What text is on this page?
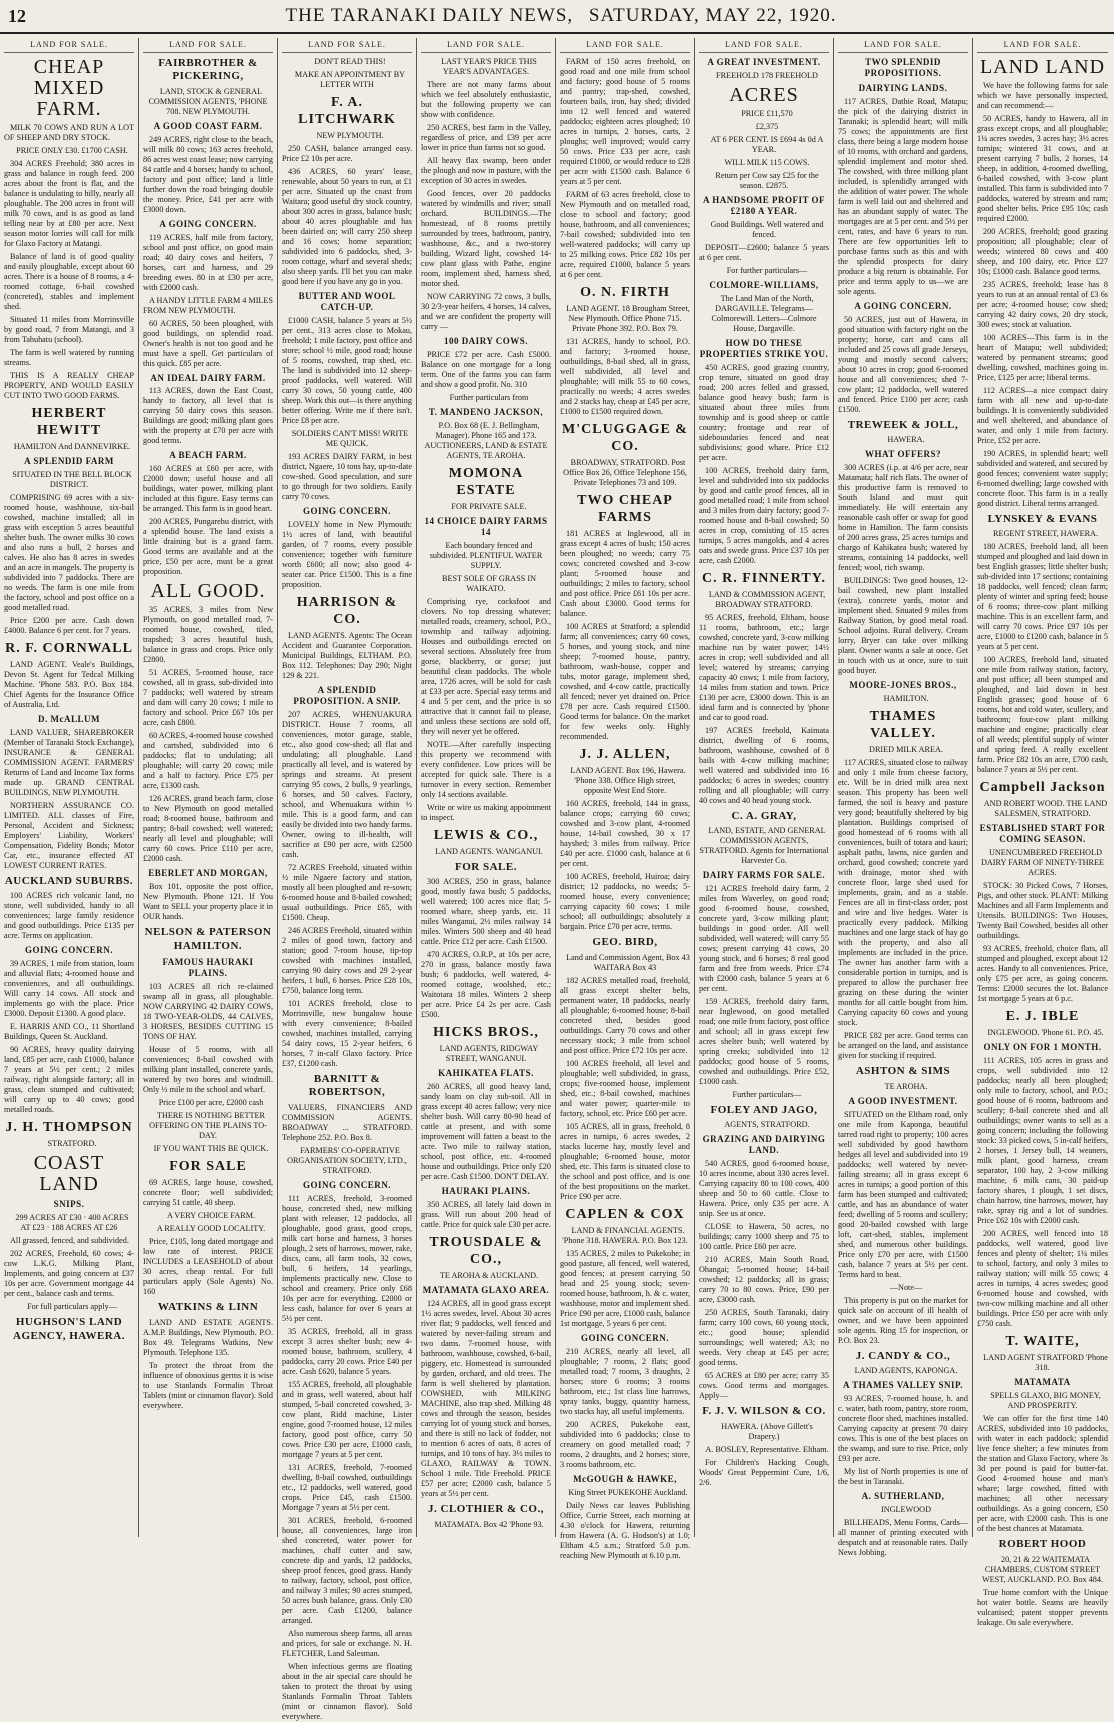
12	THE TARANAKI DAILY NEWS, SATURDAY, MAY 22, 1920.
LAND FOR SALE.
CHEAP MIXED FARM.
MILK 70 COWS AND RUN A LOT OF SHEEP AND DRY STOCK.
PRICE ONLY £30. £1700 CASH.
304 ACRES Freehold; 380 acres in grass and balance in rough feed. 200 acres about the front is flat, and the balance is undulating to hilly, nearly all ploughable. The 200 acres in front will milk 70 cows, and is as good as land telling near by at £80 per acre. Next season motor lorries will call for milk for Glaxo Factory at Matangi.
Balance of land is of good quality and easily ploughable, except about 60 acres. There is a house of 8 rooms, a 4-roomed cottage, 6-bail cowshed (concreted), stables and implement shed.
Situated 11 miles from Morrinsville by good road, 7 from Matangi, and 3 from Tahuhatu (school).
The farm is well watered by running streams.
THIS IS A REALLY CHEAP PROPERTY, AND WOULD EASILY CUT INTO TWO GOOD FARMS.
HERBERT HEWITT
HAMILTON And DANNEVIRKE.
A SPLENDID FARM
SITUATED IN THE BELL BLOCK DISTRICT.
COMPRISING 69 acres with a six-roomed house, washhouse, six-bail cowshed, machine installed; all in grass with exception 5 acres beautiful shelter bush. The owner milks 30 cows and also runs a bull, 2 horses and calves. He also has 8 acres in swedes and an acre in mangels. The property is subdivided into 7 paddocks. There are no weeds. The farm is one mile from the factory, school and post office on a good metalled road.
Price £200 per acre. Cash down £4000. Balance 6 per cent. for 7 years.
R. F. CORNWALL
LAND AGENT. Veale's Buildings, Devon St. Agent for Tedcal Milking Machine. 'Phone 583. P.O. Box 184. Chief Agents for the Insurance Office of Australia, Ltd.
D. McALLUM
LAND VALUER, SHAREBROKER (Member of Taranaki Stock Exchange), INSURANCE & GENERAL COMMISSION AGENT. FARMERS' Returns of Land and Income Tax forms made up. GRAND CENTRAL BUILDINGS, NEW PLYMOUTH.
NORTHERN ASSURANCE CO. LIMITED. ALL classes of Fire, Personal, Accident and Sickness; Employers' Liability, Workers' Compensation, Fidelity Bonds; Motor Car, etc., insurance effected AT LOWEST CURRENT RATES.
AUCKLAND SUBURBS.
100 ACRES rich volcanic land, no stone, well subdivided, handy to all conveniences; large family residence and good outbuildings. Price £135 per acre. Terms on application.
GOING CONCERN.
39 ACRES, 1 mile from station, loam and alluvial flats; 4-roomed house and conveniences, and all outbuildings. Will carry 14 cows. All stock and implements go with the place. Price £3000. Deposit £1300. A good place.
E. HARRIS AND CO., 11 Shortland Buildings, Queen St. Auckland.
90 ACRES, heavy quality dairying land, £85 per acre, cash £1000, balance 7 years at 5½ per cent.; 2 miles railway, right alongside factory; all in grass, clean stumped and cultivated; will carry up to 40 cows; good metalled roads.
J. H. THOMPSON
STRATFORD.
COAST LAND
SNIPS.
299 ACRES AT £30 · 400 ACRES AT £23 · 188 ACRES AT £26
All grassed, fenced, and subdivided.
202 ACRES, Freehold, 60 cows; 4-cow L.K.G. Milking Plant, Implements, and going concern at £37 10s per acre. Government mortgage 44 per cent., balance cash and terms.
For full particulars apply—
HUGHSON'S LAND AGENCY, HAWERA.
LAND FOR SALE.
FAIRBROTHER & PICKERING,
LAND, STOCK & GENERAL COMMISSION AGENTS, 'PHONE 708. NEW PLYMOUTH.
A GOOD COAST FARM.
249 ACRES, right close to the beach, will milk 80 cows; 163 acres freehold, 86 acres west coast lease; now carrying 84 cattle and 4 horses; handy to school, factory and post office; land a little further down the road bringing double the money. Price, £41 per acre with £3000 down.
A GOING CONCERN.
119 ACRES, half mile from factory, school and post office, on good main road; 40 dairy cows and heifers, 7 horses, cart and harness, and 29 breeding ewes. 80 in at £30 per acre, with £2000 cash.
A HANDY LITTLE FARM 4 MILES FROM NEW PLYMOUTH.
60 ACRES, 50 been ploughed, with good buildings, on splendid road. Owner's health is not too good and he must have a spell. Get particulars of this quick. £85 per acre.
AN IDEAL DAIRY FARM.
113 ACRES, down the East Coast, handy to factory, all level that is carrying 50 dairy cows this season. Buildings are good; milking plant goes with the property at £70 per acre with good terms.
A BEACH FARM.
160 ACRES at £60 per acre, with £2000 down; useful house and all buildings, water power, milking plant included at this figure. Easy terms can be arranged. This farm is in good heart.
200 ACRES, Pungarehu district, with a splendid house. The land exists a little draining but is a grand farm. Good terms are available and at the price, £50 per acre, must be a great proposition.
ALL GOOD.
35 ACRES, 3 miles from New Plymouth, on good metalled road, 7-roomed house, cowshed, tiled, trapshed; 3 acres beautiful bush, balance in grass and crops. Price only £2800.
51 ACRES, 5-roomed house, race cowshed, all in grass, sub-divided into 7 paddocks; well watered by stream and dam will carry 20 cows; 1 mile to factory and school. Price £67 10s per acre, cash £800.
60 ACRES, 4-roomed house cowshed and cartshed, subdivided into 6 paddocks; flat to undulating; all ploughable; will carry 20 cows; mile and a half to factory. Price £75 per acre, £1300 cash.
126 ACRES, grand beach farm, close to New Plymouth on good metalled road; 8-roomed house, bathroom and pantry; 8-bail cowshed; well watered; nearly all level and ploughable; will carry 60 cows. Price £110 per acre, £2000 cash.
EBERLET AND MORGAN,
Box 101, opposite the post office, New Plymouth. Phone 121. If You Want to SELL your property place it in OUR hands.
NELSON & PATERSON HAMILTON.
FAMOUS HAURAKI PLAINS.
103 ACRES all rich re-claimed swamp all in grass, all ploughable. NOW CARRYING 42 DAIRY COWS, 18 TWO-YEAR-OLDS, 44 CALVES, 3 HORSES, BESIDES CUTTING 15 TONS OF HAY.
House of 5 rooms, with all conveniences; 8-bail cowshed with milking plant installed, concrete yards, watered by two bores and windmill. Only ½ mile to the school and wharf.
Price £100 per acre, £2000 cash
THERE IS NOTHING BETTER OFFERING ON THE PLAINS TO-DAY.
IF YOU WANT THIS BE QUICK.
FOR SALE
69 ACRES, large house, cowshed, concrete floor; well subdivided; carrying 51 cattle, 40 sheep.
A VERY CHOICE FARM.
A REALLY GOOD LOCALITY.
Price, £105, long dated mortgage and low rate of interest. PRICE INCLUDES a LEASEHOLD of about 30 acres, cheap rental. For full particulars apply (Sole Agents) No. 160
WATKINS & LINN
LAND AND ESTATE AGENTS. A.M.P. Buildings, New Plymouth. P.O. Box 49. Telegrams Watkins, New Plymouth. Telephone 135.
To protect the throat from the influence of obnoxious germs it is wise to use Stanlands Formalin Throat Tablets (mint or cinnamon flavor). Sold everywhere.
LAND FOR SALE.
DON'T READ THIS!
MAKE AN APPOINTMENT BY LETTER WITH
F. A. LITCHWARK
NEW PLYMOUTH.
250 CASH, balance arranged easy. Price £2 10s per acre.
436 ACRES, 60 years' lease, renewable, about 50 years to run, at £1 per acre. Situated up the coast from Waitara; good useful dry stock country, about 300 acres in grass, balance bush; about 40 acres ploughable and has been dairied on; will carry 250 sheep and 16 cows; home separation; subdivided into 6 paddocks, shed, 3-room cottage, wharf and several sheds; also sheep yards. I'll bet you can make good here if you have any go in you.
BUTTER AND WOOL CATCH-UP.
£1000 CASH, balance 5 years at 5½ per cent., 313 acres close to Mokau, freehold; 1 mile factory, post office and store; school ½ mile, good road; house of 5 rooms, cowshed, trap shed, etc. The land is subdivided into 12 sheep-proof paddocks, well watered. Will carry 30 cows, 50 young cattle, 400 sheep. Work this out—is there anything better offering. Write me if there isn't. Price £8 per acre.
SOLDIERS CAN'T MISS! WRITE ME QUICK.
193 ACRES DAIRY FARM, in best district, Ngaere, 10 tons hay, up-to-date cow-shed. Good speculation, and sure to go through for two soldiers. Easily carry 70 cows.
GOING CONCERN.
LOVELY home in New Plymouth: 1½ acres of land, with beautiful garden, of 7 rooms, every possible convenience; together with furniture worth £600; all now; also good 4-seater car. Price £1500. This is a fine proposition.
HARRISON & CO.
LAND AGENTS. Agents: The Ocean Accident and Guarantee Corporation. Municipal Buildings, ELTHAM. P.O. Box 112. Telephones: Day 290; Night 129 & 221.
A SPLENDID PROPOSITION. A SNIP.
207 ACRES, WHENUAKURA DISTRICT. House 7 rooms, all conveniences, motor garage, stable, etc., also good cow-shed; all flat and undulating; all ploughable. Land practically all level, and is watered by springs and streams. At present carrying 95 cows, 2 bulls, 9 yearlings, 6 horses, and 50 calves. Factory, school, and Whenuakura within ½ mile. This is a good farm, and can easily be divided into two handy farms. Owner, owing to ill-health, will sacrifice at £90 per acre, with £2500 cash.
72 ACRES Freehold, situated within ½ mile Ngaere factory and station, mostly all been ploughed and re-sown; 6-roomed house and 8-bailed cowshed; usual outbuildings. Price £65, with £1500. Cheap.
246 ACRES Freehold, situated within 2 miles of good town, factory and station; good 7-room house, tip-top cowshed with machines installed, carrying 90 dairy cows and 29 2-year heifers, 1 bull, 6 horses. Price £28 10s, £750, balance long term.
101 ACRES freehold, close to Morrinsville, new bungalow house with every convenience; 8-bailed cowshed, machines installed, carrying 54 dairy cows, 15 2-year heifers, 6 horses, 7 in-calf Glaxo factory. Price £37, £1200 cash.
BARNITT & ROBERTSON,
VALUERS, FINANCIERS AND COMMISSION AGENTS. BROADWAY ... STRATFORD. Telephone 252. P.O. Box 8.
FARMERS' CO-OPERATIVE ORGANISATION SOCIETY, LTD., STRATFORD.
GOING CONCERN.
111 ACRES, freehold, 3-roomed house, concreted shed, new milking plant with releaser, 12 paddocks, all ploughable, good grass, good crops, milk cart horse and harness, 3 horses plough, 2 sets of harrows, mower, rake, discs, cans, all farm tools, 32 cows, bull, 6 heifers, 14 yearlings, implements practically new. Close to school and creamery. Price only £68 10s per acre for everything. £2000 or less cash, balance for over 6 years at 5½ per cent.
35 ACRES, freehold, all in grass except 3 acres shelter bush; new 4-roomed house, bathroom, scullery, 4 paddocks, carry 20 cows. Price £40 per acre. Cash £620, balance 5 years.
155 ACRES, freehold, all ploughable and in grass, well watered, about half stumped, 5-bail concreted cowshed, 3-cow plant, Ridd machine, Lister engine, good 7-roomed house, 12 miles factory, good post office, carry 50 cows. Price £30 per acre, £1000 cash, mortgage 7 years at 5 per cent.
131 ACRES, freehold, 7-roomed dwelling, 8-bail cowshed, outbuildings etc., 12 paddocks, well watered, good crops. Price £45, cash £1500. Mortgage 7 years at 5½ per cent.
301 ACRES, freehold, 6-roomed house, all conveniences, large iron shed concreted, water power for machines, chaff cutter and saw, concrete dip and yards, 12 paddocks, sheep proof fences, good grass. Handy to railway, factory, school, post office, and railway 3 miles; 90 acres stumped, 50 acres bush balance, grass. Only £30 per acre. Cash £1200, balance arranged.
Also numerous sheep farms, all areas and prices, for sale or exchange. N. H. FLETCHER, Land Salesman.
When infectious germs are floating about in the air special care should be taken to protect the throat by using Stanlands Formalin Throat Tablets (mint or cinnamon flavor). Sold everywhere.
LAND FOR SALE.
LAST YEAR'S PRICE THIS YEAR'S ADVANTAGES.
There are not many farms about which we feel absolutely enthusiastic, but the following property we can show with confidence.
250 ACRES, best farm in the Valley, regardless of price, and £39 per acre lower in price than farms not so good.
All heavy flax swamp, been under the plough and now in pasture, with the exception of 30 acres in swedes.
Good fences, over 20 paddocks watered by windmills and river; small orchard. BUILDINGS.—The homestead, of 8 rooms prettily surrounded by trees, bathroom, pantry, washhouse, &c., and a two-storey building, Wizard light, cowshed 14-cow plant glass with Pathe, engine room, implement shed, harness shed, motor shed.
NOW CARRYING 72 cows, 3 bulls, 30 2/3-year heifers, 4 horses, 14 calves, and we are confident the property will carry —
100 DAIRY COWS.
PRICE £72 per acre. Cash £5000. Balance on one mortgage for a long term. One of the farms you can farm and show a good profit. No. 310
Further particulars from
T. MANDENO JACKSON,
P.O. Box 68 (E. J. Bellingham, Manager). Phone 165 and 173. AUCTIONEERS, LAND & ESTATE AGENTS, TE AROHA.
MOMONA ESTATE
FOR PRIVATE SALE.
14 CHOICE DAIRY FARMS 14
Each boundary fenced and subdivided. PLENTIFUL WATER SUPPLY.
BEST SOLE OF GRASS IN WAIKATO.
Comprising rye, cocksfoot and clovers. No top dressing whatever; metalled roads, creamery, school, P.O., township and railway adjoining. Houses and outbuildings erected on several sections. Absolutely free from gorse, blackberry, or gorse; just beautiful clean paddocks. The whole area, 1726 acres, will be sold for cash at £33 per acre. Special easy terms and 4 and 5 per cent, and the price is so attractive that it cannot fail to please, and unless these sections are sold off, they will never yet be offered.
NOTE.—After carefully inspecting this property we recommend with every confidence. Low prices will be accepted for quick sale. There is a turnover in every section. Remember only 14 sections available.
Write or wire us making appointment to inspect.
LEWIS & CO.,
LAND AGENTS. WANGANUI.
FOR SALE.
300 ACRES, 250 in grass, balance good, mostly fawa bush; 5 paddocks, well watered; 100 acres nice flat; 5-roomed whare, sheep yards, etc. 11 miles Wanganui, 2½ miles railway 14 miles. Winters 500 sheep and 40 head cattle. Price £12 per acre. Cash £1500.
470 ACRES, O.R.P., at 10s per acre, 270 in grass, balance mostly fawa bush; 6 paddocks, well watered, 4-roomed cottage, woolshed, etc.; Waitotara 18 miles. Winters 2 sheep per acre. Price £4 2s per acre. Cash £500.
HICKS BROS.,
LAND AGENTS, RIDGWAY STREET, WANGANUI.
KAHIKATEA FLATS.
260 ACRES, all good heavy land, sandy loam on clay sub-soil. All in grass except 40 acres fallow; very nice shelter bush. Will carry 80-90 head of cattle at present, and with some improvement will fatten a beast to the acre. Two mile to railway station, school, post office, etc. 4-roomed house and outbuildings. Price only £20 per acre. Cash £1500. DON'T DELAY.
HAURAKI PLAINS.
350 ACRES, all lately laid down in grass. Will run about 200 head of cattle. Price for quick sale £30 per acre.
TROUSDALE & CO.,
TE AROHA & AUCKLAND.
MATAMATA GLAXO AREA.
124 ACRES, all in good grass except 1½ acres swedes, level. About 30 acres river flat; 9 paddocks, well fenced and watered by never-failing stream and two dams. 7-roomed house, with bathroom, washhouse, cowshed, 6-bail, piggery, etc. Homestead is surrounded by garden, orchard, and old trees. The farm is well sheltered by plantation. COWSHED, with MILKING MACHINE, also trap shed. Milking 48 cows and through the season, besides carrying lot of young stock and horses, and there is still no lack of fodder, not to mention 6 acres of oats, 8 acres of turnips, and 10 tons of hay. 3½ miles to GLAXO, RAILWAY & TOWN. School 1 mile. Title Freehold. PRICE £57 per acre; £2000 cash, balance 5 years at 5½ per cent.
J. CLOTHIER & CO.,
MATAMATA. Box 42 'Phone 93.
LAND FOR SALE.
FARM of 150 acres freehold, on good road and one mile from school and factory; good house of 5 rooms and pantry; trap-shed, cowshed, fourteen bails, iron, hay shed; divided into 12 well fenced and watered paddocks; eighteen acres ploughed; 10 acres in turnips, 2 horses, carts, 2 ploughs; well improved; would carry 50 cows. Price £33 per acre, cash required £1000, or would reduce to £28 per acre with £1500 cash. Balance 6 years at 5 per cent.
FARM of 63 acres freehold, close to New Plymouth and on metalled road, close to school and factory; good house, bathroom, and all conveniences; 7-bail cowshed; subdivided into ten well-watered paddocks; will carry up to 25 milking cows. Price £82 10s per acre, required £1000, balance 5 years at 6 per cent.
O. N. FIRTH
LAND AGENT. 18 Brougham Street, New Plymouth. Office Phone 715. Private Phone 392. P.O. Box 79.
131 ACRES, handy to school, P.O. and factory; 3-roomed house, outbuildings, 8-bail shed, all in grass, well subdivided, all level and ploughable; will milk 55 to 60 cows, practically no weeds; 4 acres swedes and 2 stacks hay, cheap at £45 per acre, £1000 to £1500 required down.
M'CLUGGAGE & CO.
BROADWAY, STRATFORD. Post Office Box 26, Office Telephone 156, Private Telephones 73 and 109.
TWO CHEAP FARMS
181 ACRES at Inglewood, all in grass except 4 acres of bush; 150 acres been ploughed; no weeds; carry 75 cows; concreted cowshed and 3-cow plant; 5-roomed house and outbuildings; 2 miles to factory, school and post office. Price £61 10s per acre. Cash about £3000. Good terms for balance.
100 ACRES at Stratford; a splendid farm; all conveniences; carry 60 cows, 5 horses, and young stock, and nine sheep; 7-roomed house, pantry, bathroom, wash-house, copper and tubs, motor garage, implement shed, cowshed, and 4-cow cattle, practically all fenced; never yet drained on. Price £78 per acre. Cash required £1500. Good terms for balance. On the market for few weeks only. Highly recommended.
J. J. ALLEN,
LAND AGENT. Box 196, Hawera. 'Phone 338. Office High street, opposite West End Store.
160 ACRES, freehold, 144 in grass, balance crops; carrying 60 cows; cowshed and 3-cow plant, 4-roomed house, 14-bail cowshed, 30 x 17 hayshed; 3 miles from railway. Price £40 per acre. £1000 cash, balance at 6 per cent.
100 ACRES, freehold, Huiroa; dairy district; 12 paddocks, no weeds; 5-roomed house, every convenience; carrying capacity 60 cows; 1 mile school; all outbuildings; absolutely a bargain. Price £70 per acre, terms.
GEO. BIRD,
Land and Commission Agent, Box 43 WAITARA Box 43
182 ACRES metalled road, freehold, all grass except shelter belts, permanent water, 18 paddocks, nearly all ploughable; 6-roomed house; 8-bail concreted shed, besides good outbuildings. Carry 70 cows and other necessary stock; 3 mile from school and post office. Price £72 10s per acre.
100 ACRES freehold, all level and ploughable; well subdivided, in grass, crops; five-roomed house, implement shed, etc.; 8-bail cowshed, machines and water power; quarter-mile to factory, school, etc. Price £60 per acre.
105 ACRES, all in grass, freehold, 8 acres in turnips, 6 acres swedes, 2 stacks lucerne hay, mostly level and ploughable; 6-roomed house, motor shed, etc. This farm is situated close to the school and post office, and is one of the best propositions on the market. Price £90 per acre.
CAPLEN & COX
LAND & FINANCIAL AGENTS. 'Phone 318. HAWERA. P.O. Box 123.
135 ACRES, 2 miles to Pukekohe; in good pasture, all fenced, well watered, good fences; at present carrying 50 head and 25 young stock; seven-roomed house, bathroom, h. & c. water, washhouse, motor and implement shed. Price £90 per acre, £1000 cash, balance 1st mortgage, 5 years 6 per cent.
GOING CONCERN.
210 ACRES, nearly all level, all ploughable; 7 rooms, 2 flats; good metalled road; 7 rooms, 3 draughts, 2 horses; store 6 rooms; 3 rooms bathroom, etc.; 1st class line harrows, spray tanks, buggy, quantity harness, two stacks hay, all useful implements.
200 ACRES, Pukekohe east, subdivided into 6 paddocks; close to creamery on good metalled road; 7 rooms, 2 draughts, and 2 horses; store, 3 rooms bathroom, etc.
McGOUGH & HAWKE,
King Street PUKEKOHE Auckland.
Daily News car leaves Publishing Office, Currie Street, each morning at 4.30 o'clock for Hawera, returning from Hawera (A. G. Hodson's) at 1.0; Eltham 4.5 a.m.; Stratford 5.0 p.m. reaching New Plymouth at 6.10 p.m.
LAND FOR SALE.
A GREAT INVESTMENT.
FREEHOLD 178 FREEHOLD
ACRES
PRICE £11,570
£2,375
AT 6 PER CENT. IS £694 4s 0d A YEAR.
WILL MILK 115 COWS.
Return per Cow say £25 for the season. £2875.
A HANDSOME PROFIT OF £2180 A YEAR.
Good Buildings. Well watered and fenced.
DEPOSIT—£2600; balance 5 years at 6 per cent.
For further particulars—
COLMORE-WILLIAMS,
The Land Man of the North, DARGAVILLE. Telegrams—Colmorewill. Letters—Colmore House, Dargaville.
HOW DO THESE PROPERTIES STRIKE YOU.
450 ACRES, good grazing country, crop tenure, situated on good dray road; 200 acres felled and grassed, balance good heavy bush; farm is situated about three miles from township and is good sheep or cattle country; frontage and rear of sideboundaries fenced and neat subdivisions; good whare. Price £12 per acre.
100 ACRES, freehold dairy farm, level and subdivided into six paddocks by good and cattle proof fences, all in good metalled road; 1 mile from school and 3 miles from dairy factory; good 7-roomed house and 8-bail cowshed; 50 acres in crop, consisting of 15 acres turnips, 5 acres mangolds, and 4 acres oats and swede grass. Price £37 10s per acre, cash £2000.
C. R. FINNERTY.
LAND & COMMISSION AGENT, BROADWAY STRATFORD.
95 ACRES, freehold, Eltham, house 11 rooms, bathroom, etc.; large cowshed, concrete yard, 3-cow milking machine run by water power; 14½ acres in crop; well subdivided and all level; watered by streams; carrying capacity 40 cows; 1 mile from factory, 14 miles from station and town. Price £130 per acre, £3000 down. This is an ideal farm and is connected by 'phone and car to good road.
197 ACRES freehold, Kaimata district, dwelling of 6 rooms, bathroom, washhouse, cowshed of 8 bails with 4-cow milking machine; well watered and subdivided into 16 paddocks; 6 acres in swedes; country rolling and all ploughable; will carry 40 cows and 40 head young stock.
C. A. GRAY,
LAND, ESTATE, AND GENERAL COMMISSION AGENTS, STRATFORD. Agents for International Harvester Co.
DAIRY FARMS FOR SALE.
121 ACRES freehold dairy farm, 2 miles from Waverley, on good road; good 6-roomed house, cowshed, concrete yard, 3-cow milking plant; buildings in good order. All well subdivided, well watered; will carry 55 cows; present carrying 41 cows, 20 young stock, and 6 horses; 8 real good farm and free from weeds. Price £74 with £2000 cash, balance 5 years at 6 per cent.
159 ACRES, freehold dairy farm, near Inglewood, on good metalled road; one mile from factory, post office and school; all in grass except few acres shelter bush; well watered by spring creeks; subdivided into 12 paddocks; good house of 5 rooms, cowshed and outbuildings. Price £52, £1000 cash.
Further particulars—
FOLEY AND JAGO,
AGENTS, STRATFORD.
GRAZING AND DAIRYING LAND.
540 ACRES, good 6-roomed house, 10 acres income, about 330 acres level. Carrying capacity 80 to 100 cows, 400 sheep and 50 to 60 cattle. Close to Hawera. Price, only £35 per acre. A snip. See us at once.
CLOSE to Hawera, 50 acres, no buildings; carry 1000 sheep and 75 to 100 cattle. Price £60 per acre.
210 ACRES, Main South Road, Ohangai; 5-roomed house; 14-bail cowshed; 12 paddocks; all in grass; carry 70 to 80 cows. Price, £90 per acre, £3000 cash.
250 ACRES, South Taranaki, dairy farm; carry 100 cows, 60 young stock, etc.; good house; splendid surroundings; well watered; A3; no weeds. Very cheap at £45 per acre; good terms.
65 ACRES at £80 per acre; carry 35 cows. Good terms and mortgages. Apply—
F. J. V. WILSON & CO.
HAWERA. (Above Gillett's Drapery.)
A. BOSLEY, Representative. Eltham.
For Children's Hacking Cough, Woods' Great Peppermint Cure, 1/6, 2/6.
LAND FOR SALE.
TWO SPLENDID PROPOSITIONS.
DAIRYING LANDS.
117 ACRES, Dathie Road, Matapu; the pick of the dairying district in Taranaki; is splendid heart; will milk 75 cows; the appointments are first class, there being a large modern house of 10 rooms, with orchard and gardens, splendid implement and motor shed. The cowshed, with three milking plant included, is splendidly arranged with the addition of water power. The whole farm is well laid out and sheltered and has an abundant supply of water. The mortgages are at 5 per cent. and 5½ per cent, rates, and have 6 years to run. There are few opportunities left to purchase farms such as this and with the splendid prospects for dairy produce a big return is obtainable. For price and terms apply to us—we are sole agents.
A GOING CONCERN.
50 ACRES, just out of Hawera, in good situation with factory right on the property; horse, cart and cans all included and 25 cows all grade Jerseys, young and mostly second calvers; about 10 acres in crop; good 6-roomed house and all conveniences; shed 7-cow plant; 12 paddocks, well watered and fenced. Price £100 per acre; cash £1500.
TREWEEK & JOLL,
HAWERA.
WHAT OFFERS?
300 ACRES (i.p. at 4/6 per acre, near Matamata; half rich flats. The owner of this productive farm is removed to South Island and must quit immediately. He will entertain any reasonable cash offer or swap for good home in Hamilton. The farm consists of 200 acres grass, 25 acres turnips and chargo of Kahikatea bush; watered by streams, containing 14 paddocks, well fenced; wool, rich swamp.
BUILDINGS: Two good houses, 12-bail cowshed, new plant installed (extra), concrete yards, motor and implement shed. Situated 9 miles from Railway Station, by good metal road. School adjoins. Rural delivery. Cream lorry, Bryer can take over milking plant. Owner wants a sale at once. Get in touch with us at once, sure to suit good buyer.
MOORE-JONES BROS.,
HAMILTON.
THAMES VALLEY.
DRIED MILK AREA.
117 ACRES, situated close to railway and only 1 mile from cheese factory, etc. Will be in dried milk area next season. This property has been well farmed, the soil is heavy and pasture very good; beautifully sheltered by big plantation. Buildings comprised of good homestead of 6 rooms with all conveniences, built of totara and kauri; asphalt paths, lawns, nice garden and orchard, good cowshed; concrete yard with drainage, motor shed with concrete floor, large shed used for implements, grain, and as a stable. Fences are all in first-class order, post and wire and live hedges. Water is practically every paddock. Milking machines and one large stack of hay go with the property, and also all implements are included in the price. The owner has another farm with a considerable portion in turnips, and is prepared to allow the purchaser free grazing on these during the winter months for all cattle bought from him. Carrying capacity 60 cows and young stock.
PRICE £82 per acre. Good terms can be arranged on the land, and assistance given for stocking if required.
ASHTON & SIMS
TE AROHA.
A GOOD INVESTMENT.
SITUATED on the Eltham road, only one mile from Kaponga, beautiful tarred road right to property; 100 acres well subdivided by good hawthorn hedges all level and subdivided into 19 paddocks; well watered by never-failing streams; all in grass except 6 acres in turnips; a good portion of this farm has been stumped and cultivated; cattle, and has an abundance of water feed; dwelling of 5 rooms and scullery; good 20-bailed cowshed with large loft, cart-shed, stables, implement shed, and numerous other buildings. Price only £70 per acre, with £1500 cash, balance 7 years at 5½ per cent. Terms hard to beat.
—Note—
This property is put on the market for quick sale on account of ill health of owner, and we have been appointed sole agents. Ring 15 for inspection, or P.O. Box 23.
J. CANDY & CO.,
LAND AGENTS, KAPONGA.
A THAMES VALLEY SNIP.
93 ACRES, 7-roomed house, h. and c. water, bath room, pantry, store room, concrete floor shed, machines installed. Carrying capacity at present 70 dairy cows. This is one of the best places on the swamp, and sure to rise. Price, only £93 per acre.
My list of North properties is one of the best in Taranaki.
A. SUTHERLAND,
INGLEWOOD
BILLHEADS, Menu Forms, Cards—all manner of printing executed with despatch and at reasonable rates. Daily News Jobbing.
LAND FOR SALE.
LAND LAND
We have the following farms for sale which we have personally inspected, and can recommend:—
50 ACRES, handy to Hawera, all in grass except crops, and all ploughable; 1¼ acres swedes, 3 acres hay; 3½ acres turnips; wintered 31 cows, and at present carrying 7 bulls, 2 horses, 14 sheep, in addition, 4-roomed dwelling, 6-bailed cowshed, with 3-cow plant installed. This farm is subdivided into 7 paddocks, watered by stream and ram; good shelter belts. Price £95 10s; cash required £2000.
200 ACRES, freehold; good grazing proposition; all ploughable; clear of weeds; wintered 80 cows and 400 sheep, and 100 dairy, etc. Price £27 10s; £1000 cash. Balance good terms.
235 ACRES, freehold; lease has 8 years to run at an annual rental of £3 6s per acre; 4-roomed house; cow shed; carrying 42 dairy cows, 20 dry stock, 300 ewes; stock at valuation.
100 ACRES—This farm is in the heart of Matapu; well subdivided; watered by permanent streams; good dwelling, cowshed, machines going in. Price, £125 per acre; liberal terms.
112 ACRES—a nice compact dairy farm with all new and up-to-date buildings. It is conveniently subdivided and well sheltered, and abundance of water, and only 1 mile from factory. Price, £52 per acre.
190 ACRES, in splendid heart; well subdivided and watered, and secured by good fences; convenient water supply; 6-roomed dwelling; large cowshed with concrete floor. This farm is in a really good district. Liberal terms arranged.
LYNSKEY & EVANS
REGENT STREET, HAWERA.
180 ACRES, freehold land, all been stumped and ploughed and laid down in best English grasses; little shelter bush; sub-divided into 17 sections; containing 18 paddocks, well fenced; clean farm; plenty of winter and spring feed; house of 6 rooms; three-cow plant milking machine. This is an excellent farm, and will carry 70 cows. Price £97 10s per acre, £1000 to £1200 cash, balance in 5 years at 5 per cent.
100 ACRES, freehold land, situated one mile from railway station, factory, and post office; all been stumped and ploughed, and laid down in best English grasses; good house of 6 rooms, hot and cold water, scullery, and bathroom; four-cow plant milking machine and engine; practically clear of all weeds; plentiful supply of winter and spring feed. A really excellent farm. Price £82 10s an acre, £700 cash, balance 7 years at 5½ per cent.
Campbell Jackson
AND ROBERT WOOD. THE LAND SALESMEN, STRATFORD.
ESTABLISHED START FOR COMING SEASON.
UNENCUMBERED FREEHOLD DAIRY FARM OF NINETY-THREE ACRES.
STOCK: 30 Picked Cows, 7 Horses, Pigs, and other stock. PLANT: Milking Machines and all Farm Implements and Utensils. BUILDINGS: Two Houses, Twenty Bail Cowshed, besides all other outbuildings.
93 ACRES, freehold, choice flats, all stumped and ploughed, except about 12 acres. Handy to all conveniences. Price, only £75 per acre, as going concern. Terms: £2000 secures the lot. Balance 1st mortgage 5 years at 6 p.c.
E. J. IBLE
INGLEWOOD. 'Phone 61. P.O. 45.
ONLY ON FOR 1 MONTH.
111 ACRES, 105 acres in grass and crops, well subdivided into 12 paddocks; nearly all been ploughed; only mile to factory, school, and P.O.; good house of 6 rooms, bathroom and scullery; 8-bail concrete shed and all outbuildings; owner wants to sell as a going concern; including the following stock: 33 picked cows, 5 in-calf heifers, 2 horses, 1 Jersey bull, 14 weaners, milk plant, good harness, cream separator, 100 hay, 2 3-cow milking machine, 6 milk cans, 30 paid-up factory shares, 1 plough, 1 set discs, chain harrow, tine harrows, mower, hay rake, spray rig and a lot of sundries. Price £62 10s with £2000 cash.
200 ACRES, well fenced into 18 paddocks, well watered, good live fences and plenty of shelter; 1¼ miles to school, factory, and only 3 miles to railway station; will milk 55 cows; 4 acres in turnips, 4 acres swedes; good 6-roomed house and cowshed, with two-cow milking machine and all other buildings. Price £50 per acre with only £750 cash.
T. WAITE,
LAND AGENT STRATFORD 'Phone 318.
MATAMATA
SPELLS GLAXO, BIG MONEY, AND PROSPERITY.
We can offer for the first time 140 ACRES, subdivided into 10 paddocks, with water in each paddock; splendid live fence shelter; a few minutes from the station and Glaxo Factory, where 3s 3d per pound is paid for butter-fat. Good 4-roomed house and man's whare; large cowshed, fitted with machines; all other necessary outbuildings. As a going concern, £50 per acre, with £2000 cash. This is one of the best chances at Matamata.
ROBERT HOOD
20, 21 & 22 WAITEMATA CHAMBERS, CUSTOM STREET WEST, AUCKLAND. P.O. Box 484.
True home comfort with the Unique hot water bottle. Seams are heavily vulcanised; patent stopper prevents leakage. On sale everywhere.
